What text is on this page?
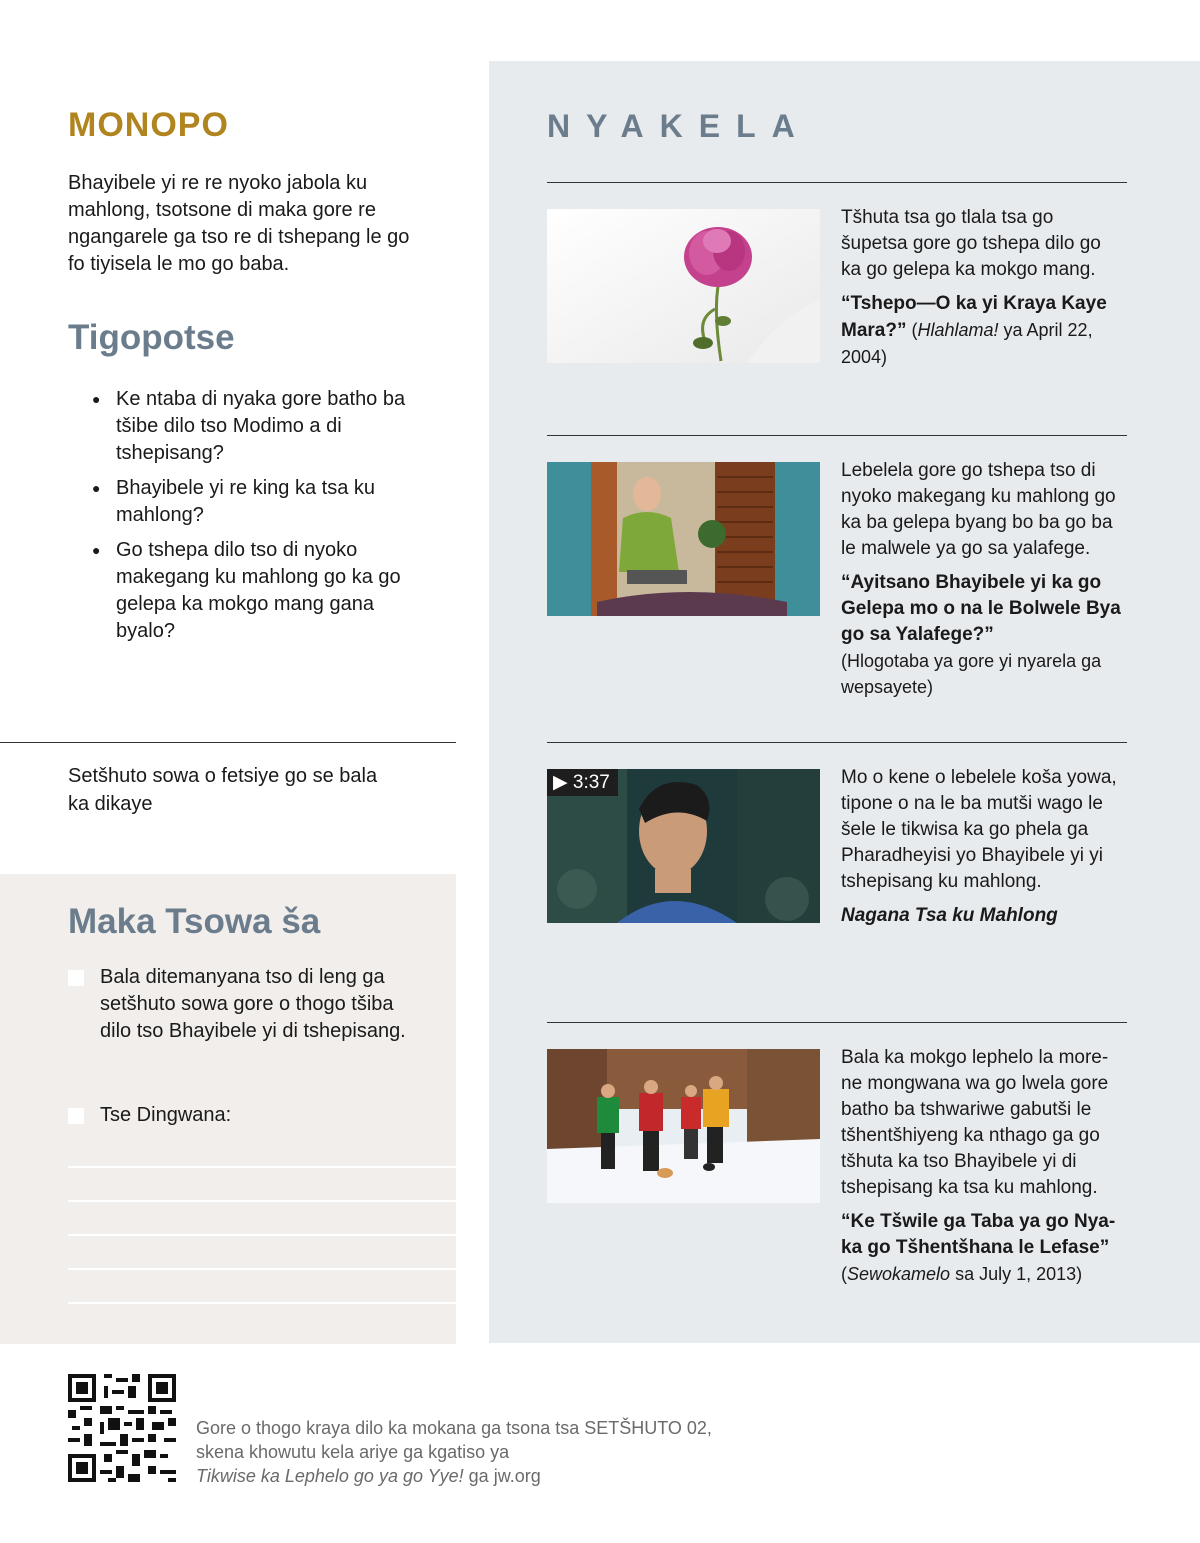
MONOPO

Bhayibele yi re re nyoko jabola ku mahlong, tsotsone di maka gore re ngangarele ga tso re di tshepang le go fo tiyisela le mo go baba.

Tigopotse
● Ke ntaba di nyaka gore batho ba tšibe dilo tso Modimo a di tshepisang?
● Bhayibele yi re king ka tsa ku mahlong?
● Go tshepa dilo tso di nyoko makegang ku mahlong go ka go gelepa ka mokgo mang gana byalo?

Setšhuto sowa o fetsiye go se bala ka dikaye

Maka Tsowa ša
Bala ditemanyana tso di leng ga setšhuto sowa gore o thogo tšiba dilo tso Bhayibele yi di tshepisang.
Tse Dingwana:
NYAKELA

Tšhuta tsa go tlala tsa go šupetsa gore go tshepa dilo go ka go gelepa ka mokgo mang.

“Tshepo—O ka yi Kraya Kaye Mara?” (Hlahlama! ya April 22, 2004)

Lebelela gore go tshepa tso di nyoko makegang ku mahlong go ka ba gelepa byang bo ba go ba le malwele ya go sa yalafege.

“Ayitsano Bhayibele yi ka go Gelepa mo o na le Bolwele Bya go sa Yalafege?”

(Hlogotaba ya gore yi nyarela ga wepsayete)

▶ 3:37	Mo o kene o lebelele koša yowa, tipone o na le ba mutši wago le šele le tikwisa ka go phela ga Pharadheyisi yo Bhayibele yi yi tshepisang ku mahlong.

Nagana Tsa ku Mahlong

Bala ka mokgo lephelo la more-ne mongwana wa go lwela gore batho ba tshwariwe gabutši le tšhentšhiyeng ka nthago ga go tšhuta ka tso Bhayibele yi di tshepisang ka tsa ku mahlong.

“Ke Tšwile ga Taba ya go Nya-ka go Tšhentšhana le Lefase”

(Sewokamelo sa July 1, 2013)

Gore o thogo kraya dilo ka mokana ga tsona tsa SETŠHUTO 02, skena khowutu kela ariye ga kgatiso ya
Tikwise ka Lephelo go ya go Yye! ga jw.org
